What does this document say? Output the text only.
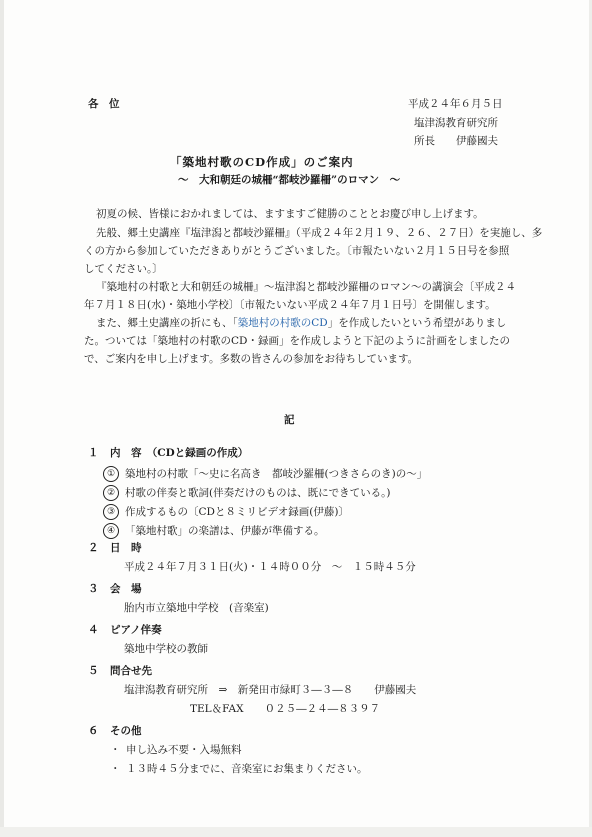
各　位	平成２４年６月５日
塩津潟教育研究所
所長　　伊藤國夫
「築地村歌のCD作成」のご案内
～　大和朝廷の城柵“都岐沙羅柵”のロマン　～
初夏の候、皆様におかれましては、ますますご健勝のこととお慶び申し上げます。
先般、郷土史講座『塩津潟と都岐沙羅柵』（平成２４年２月１９、２６、２７日）を実施し、多
くの方から参加していただきありがとうございました。〔市報たいない２月１５日号を参照
してください。〕
『築地村の村歌と大和朝廷の城柵』～塩津潟と都岐沙羅柵のロマン～の講演会〔平成２４
年７月１８日(水)・築地小学校〕〔市報たいない平成２４年７月１日号〕を開催します。
また、郷土史講座の折にも、「築地村の村歌のCD」を作成したいという希望がありまし
た。ついては「築地村の村歌のCD・録画」を作成しようと下記のように計画をしましたの
で、ご案内を申し上げます。多数の皆さんの参加をお待ちしています。
記
１ 内　容　（CDと録画の作成）
① 築地村の村歌「～史に名高き　都岐沙羅柵(つきさらのき)の～」
② 村歌の伴奏と歌詞(伴奏だけのものは、既にできている。)
③ 作成するもの〔CDと８ミリビデオ録画(伊藤)〕
④ 「築地村歌」の楽譜は、伊藤が準備する。
２ 日　時
平成２４年７月３１日(火)・１４時００分　～　１５時４５分
３ 会　場
胎内市立築地中学校　(音楽室)
４ ピアノ伴奏
築地中学校の教師
５ 問合せ先
塩津潟教育研究所　⇒　新発田市緑町３―３―８　　伊藤國夫
TEL＆FAX　　０２５―２４―８３９７
６ その他
・ 申し込み不要・入場無料
・ １３時４５分までに、音楽室にお集まりください。
